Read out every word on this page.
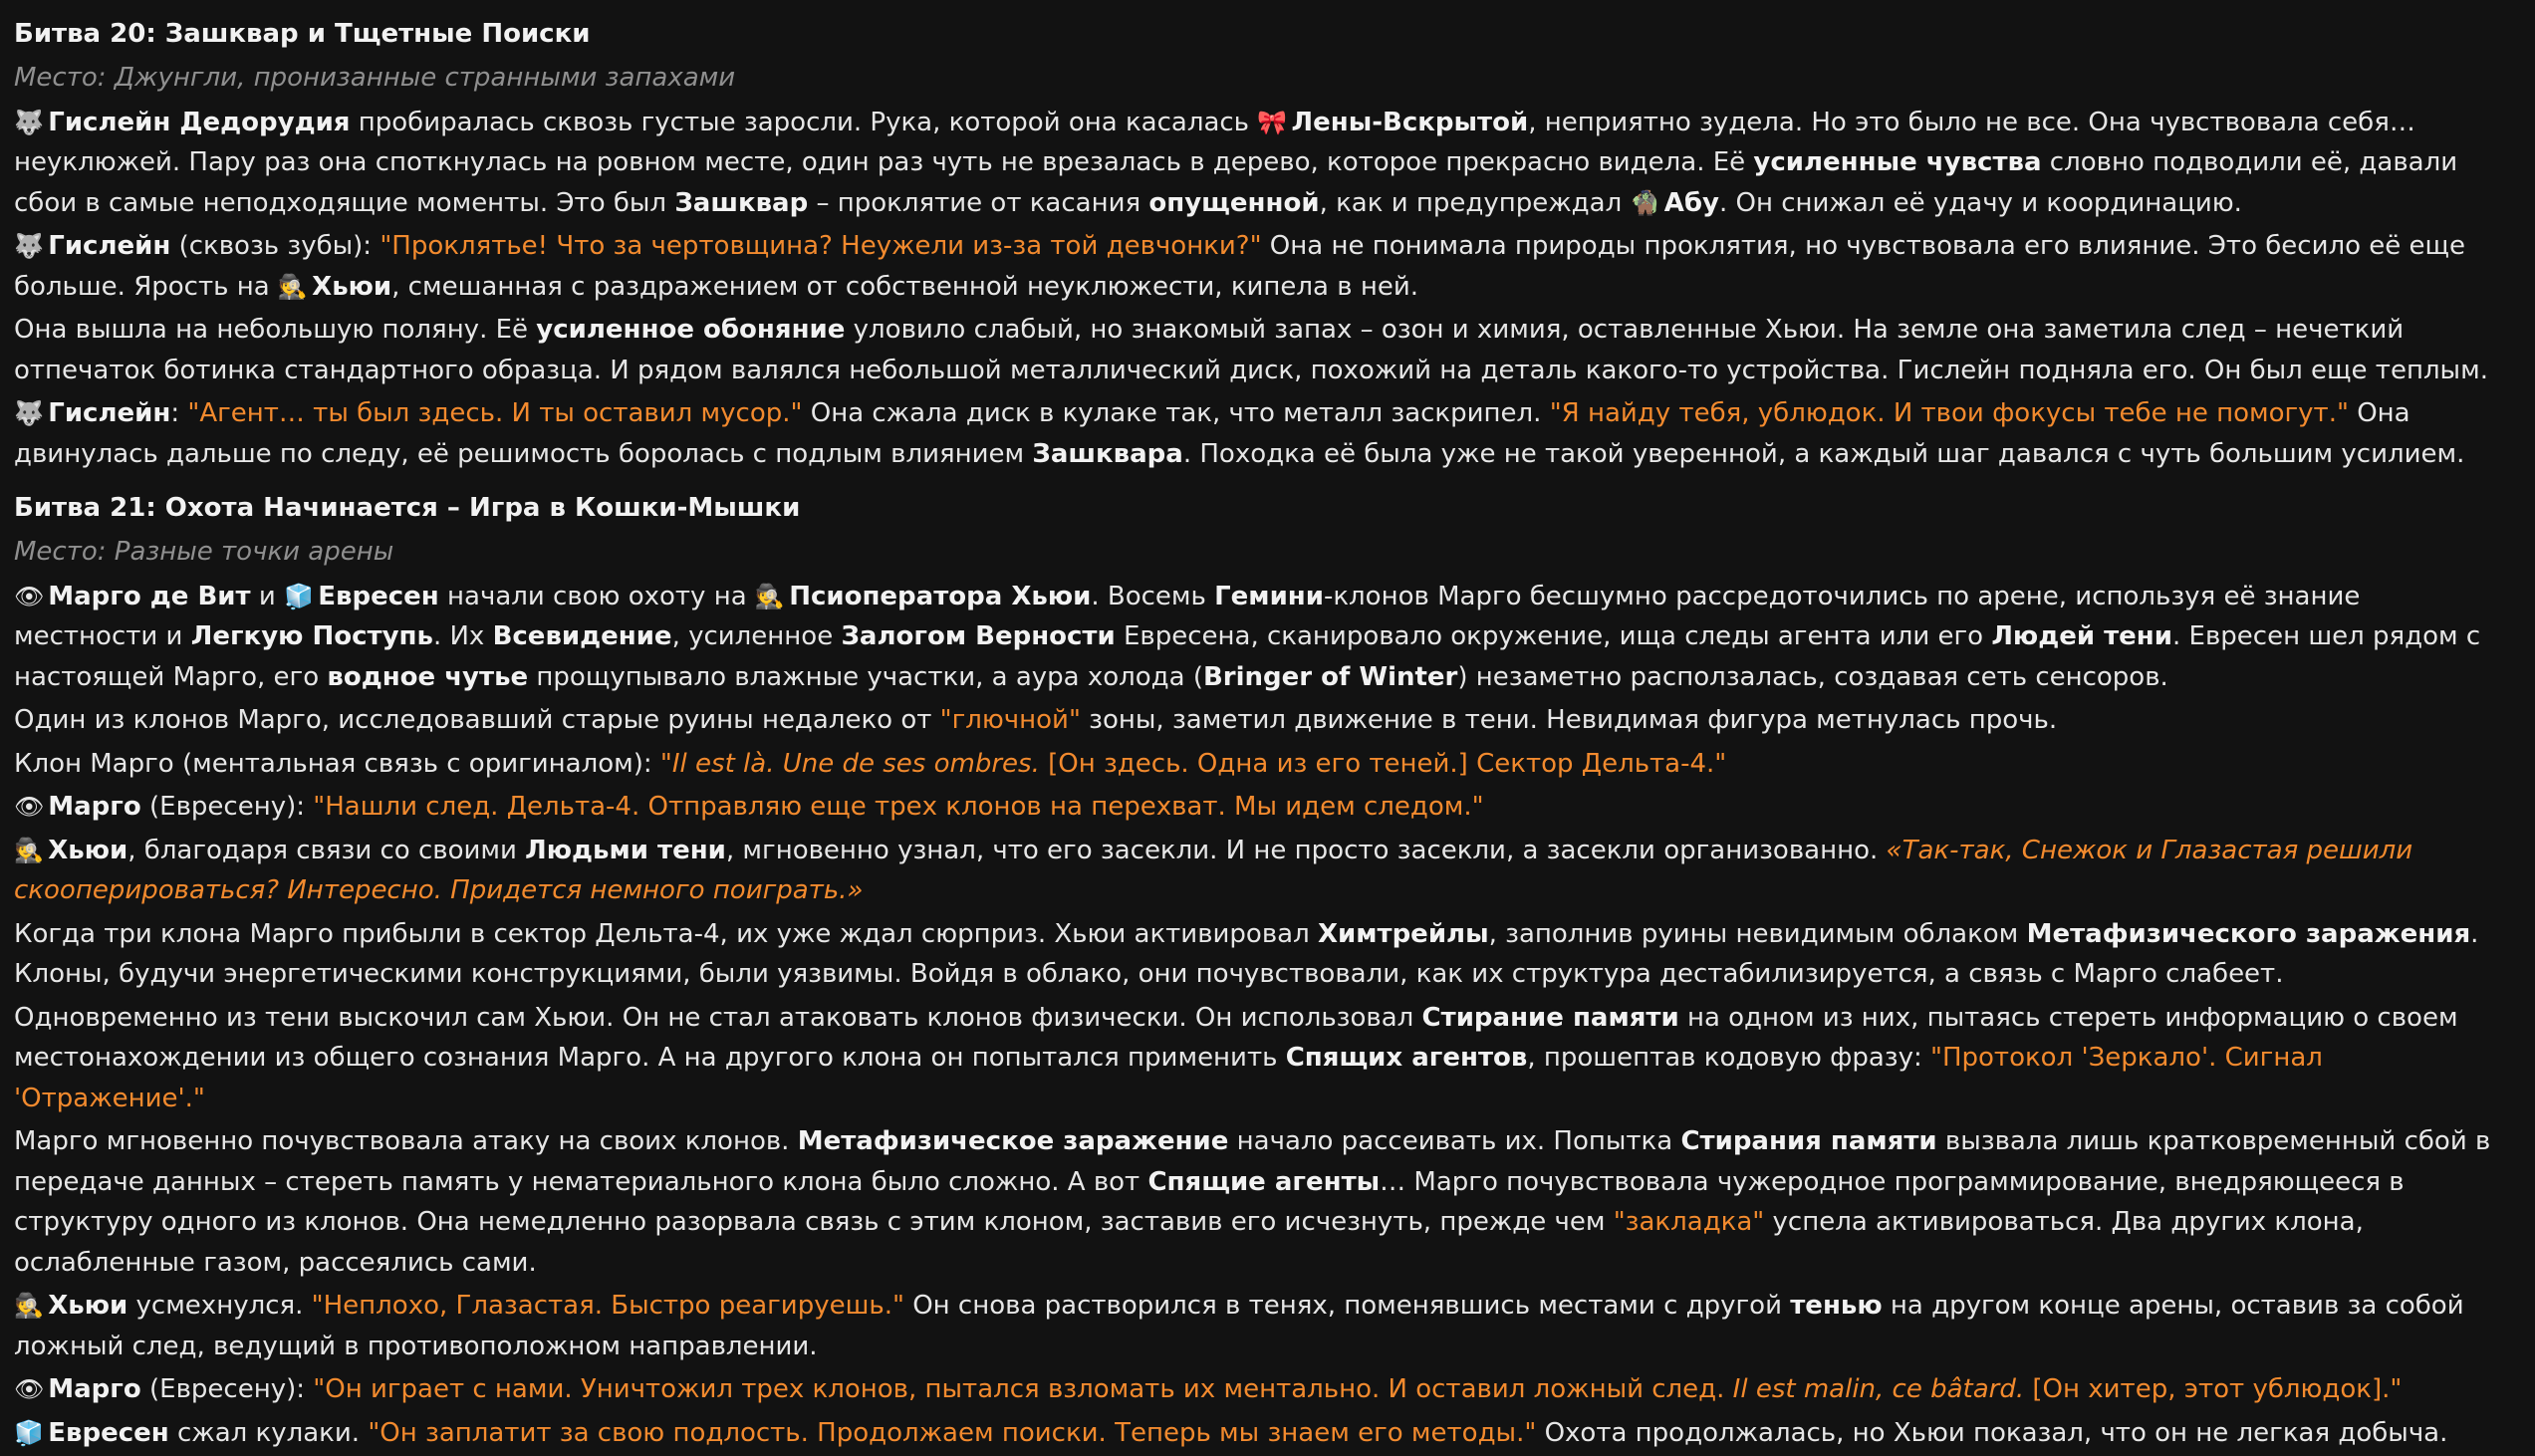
Битва 20: Зашквар и Тщетные Поиски
Место: Джунгли, пронизанные странными запахами

🐺 Гислейн Дедорудия пробиралась сквозь густые заросли. Рука, которой она касалась 🎀 Лены-Вскрытой, неприятно зудела. Но это было не все. Она чувствовала себя… неуклюжей. Пару раз она споткнулась на ровном месте, один раз чуть не врезалась в дерево, которое прекрасно видела. Её усиленные чувства словно подводили её, давали сбои в самые неподходящие моменты. Это был Зашквар – проклятие от касания опущенной, как и предупреждал 🧌 Абу. Он снижал её удачу и координацию.

🐺 Гислейн (сквозь зубы): "Проклятье! Что за чертовщина? Неужели из-за той девчонки?" Она не понимала природы проклятия, но чувствовала его влияние. Это бесило её еще больше. Ярость на 🕵 Хьюи, смешанная с раздражением от собственной неуклюжести, кипела в ней.

Она вышла на небольшую поляну. Её усиленное обоняние уловило слабый, но знакомый запах – озон и химия, оставленные Хьюи. На земле она заметила след – нечеткий отпечаток ботинка стандартного образца. И рядом валялся небольшой металлический диск, похожий на деталь какого-то устройства. Гислейн подняла его. Он был еще теплым.

🐺 Гислейн: "Агент… ты был здесь. И ты оставил мусор." Она сжала диск в кулаке так, что металл заскрипел. "Я найду тебя, ублюдок. И твои фокусы тебе не помогут." Она двинулась дальше по следу, её решимость боролась с подлым влиянием Зашквара. Походка её была уже не такой уверенной, а каждый шаг давался с чуть большим усилием.

Битва 21: Охота Начинается – Игра в Кошки-Мышки
Место: Разные точки арены

👁 Марго де Вит и 🧊 Евресен начали свою охоту на 🕵 Псиоператора Хьюи. Восемь Гемини-клонов Марго бесшумно рассредоточились по арене, используя её знание местности и Легкую Поступь. Их Всевидение, усиленное Залогом Верности Евресена, сканировало окружение, ища следы агента или его Людей тени. Евресен шел рядом с настоящей Марго, его водное чутье прощупывало влажные участки, а аура холода (Bringer of Winter) незаметно расползалась, создавая сеть сенсоров.

Один из клонов Марго, исследовавший старые руины недалеко от "глючной" зоны, заметил движение в тени. Невидимая фигура метнулась прочь.

Клон Марго (ментальная связь с оригиналом): "Il est là. Une de ses ombres. [Он здесь. Одна из его теней.] Сектор Дельта-4."

👁 Марго (Евресену): "Нашли след. Дельта-4. Отправляю еще трех клонов на перехват. Мы идем следом."

🕵 Хьюи, благодаря связи со своими Людьми тени, мгновенно узнал, что его засекли. И не просто засекли, а засекли организованно. «Так-так, Снежок и Глазастая решили скооперироваться? Интересно. Придется немного поиграть.»

Когда три клона Марго прибыли в сектор Дельта-4, их уже ждал сюрприз. Хьюи активировал Химтрейлы, заполнив руины невидимым облаком Метафизического заражения. Клоны, будучи энергетическими конструкциями, были уязвимы. Войдя в облако, они почувствовали, как их структура дестабилизируется, а связь с Марго слабеет.

Одновременно из тени выскочил сам Хьюи. Он не стал атаковать клонов физически. Он использовал Стирание памяти на одном из них, пытаясь стереть информацию о своем местонахождении из общего сознания Марго. А на другого клона он попытался применить Спящих агентов, прошептав кодовую фразу: "Протокол 'Зеркало'. Сигнал 'Отражение'."

Марго мгновенно почувствовала атаку на своих клонов. Метафизическое заражение начало рассеивать их. Попытка Стирания памяти вызвала лишь кратковременный сбой в передаче данных – стереть память у нематериального клона было сложно. А вот Спящие агенты… Марго почувствовала чужеродное программирование, внедряющееся в структуру одного из клонов. Она немедленно разорвала связь с этим клоном, заставив его исчезнуть, прежде чем "закладка" успела активироваться. Два других клона, ослабленные газом, рассеялись сами.

🕵 Хьюи усмехнулся. "Неплохо, Глазастая. Быстро реагируешь." Он снова растворился в тенях, поменявшись местами с другой тенью на другом конце арены, оставив за собой ложный след, ведущий в противоположном направлении.

👁 Марго (Евресену): "Он играет с нами. Уничтожил трех клонов, пытался взломать их ментально. И оставил ложный след. Il est malin, ce bâtard. [Он хитер, этот ублюдок]."

🧊 Евресен сжал кулаки. "Он заплатит за свою подлость. Продолжаем поиски. Теперь мы знаем его методы." Охота продолжалась, но Хьюи показал, что он не легкая добыча.
